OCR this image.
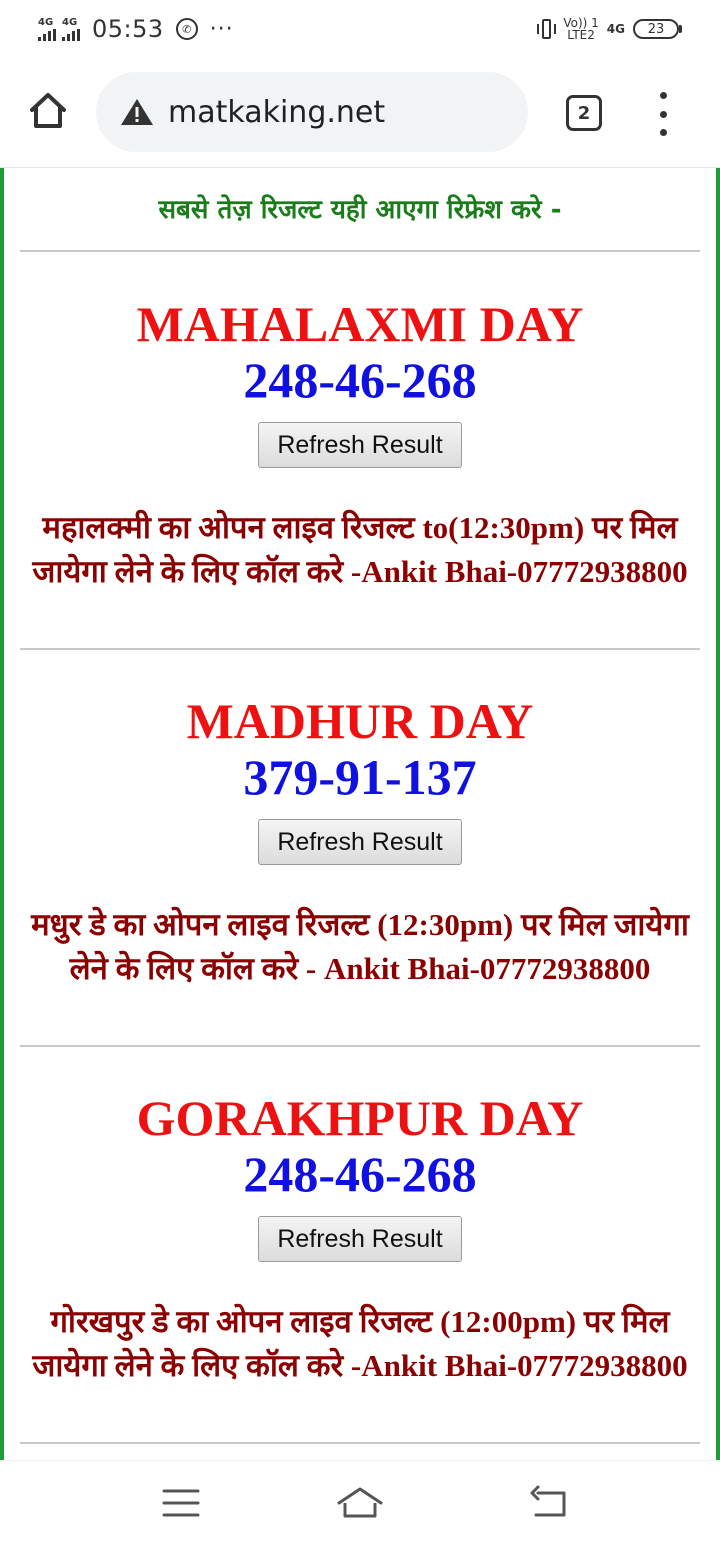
4G 4G 05:53	✆ ···	Vo)) 1
LTE2 4G 23
matkaking.net	2
सबसे तेज़ रिजल्ट यही आएगा रिफ्रेश करे -
MAHALAXMI DAY
248-46-268
Refresh Result
महालक्मी का ओपन लाइव रिजल्ट to(12:30pm) पर मिल जायेगा लेने के लिए कॉल करे -Ankit Bhai-07772938800
MADHUR DAY
379-91-137
Refresh Result
मधुर डे का ओपन लाइव रिजल्ट (12:30pm) पर मिल जायेगा लेने के लिए कॉल करे - Ankit Bhai-07772938800
GORAKHPUR DAY
248-46-268
Refresh Result
गोरखपुर डे का ओपन लाइव रिजल्ट (12:00pm) पर मिल जायेगा लेने के लिए कॉल करे -Ankit Bhai-07772938800
